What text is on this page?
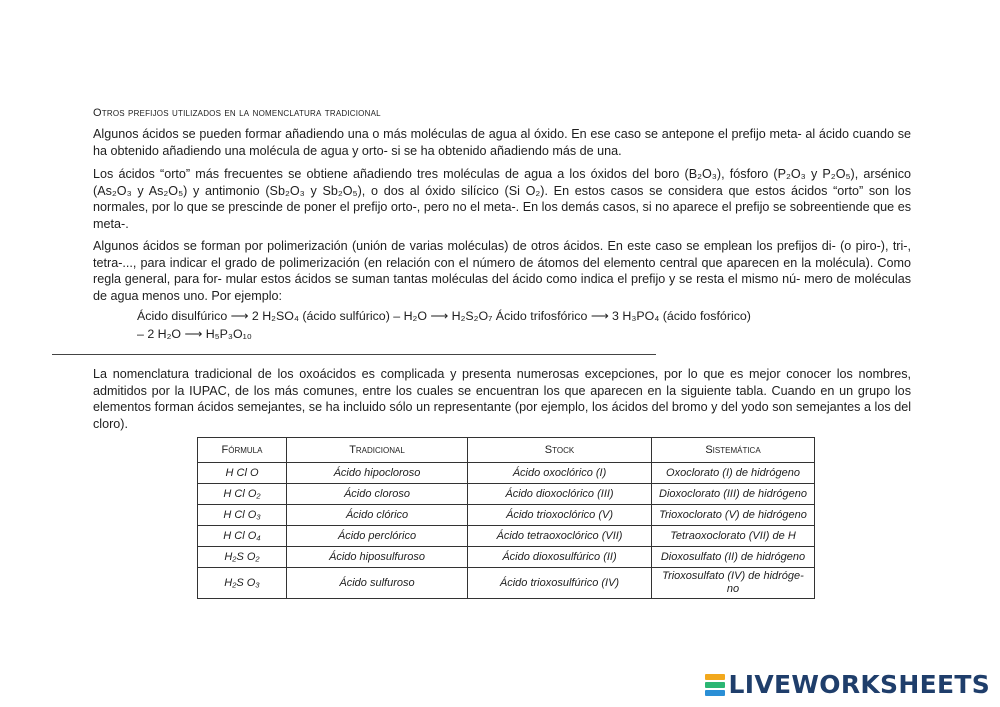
Otros prefijos utilizados en la nomenclatura tradicional

Algunos ácidos se pueden formar añadiendo una o más moléculas de agua al óxido. En ese caso se antepone el prefijo meta- al ácido cuando se ha obtenido añadiendo una molécula de agua y orto- si se ha obtenido añadiendo más de una.

Los ácidos “orto” más frecuentes se obtiene añadiendo tres moléculas de agua a los óxidos del boro (B₂O₃), fósforo (P₂O₃ y P₂O₅), arsénico (As₂O₃ y As₂O₅) y antimonio (Sb₂O₃ y Sb₂O₅), o dos al óxido silícico (Si O₂). En estos casos se considera que estos ácidos “orto” son los normales, por lo que se prescinde de poner el prefijo orto-, pero no el meta-. En los demás casos, si no aparece el prefijo se sobreentiende que es meta-.

Algunos ácidos se forman por polimerización (unión de varias moléculas) de otros ácidos. En este caso se emplean los prefijos di- (o piro-), tri-, tetra-..., para indicar el grado de polimerización (en relación con el número de átomos del elemento central que aparecen en la molécula). Como regla general, para for- mular estos ácidos se suman tantas moléculas del ácido como indica el prefijo y se resta el mismo nú- mero de moléculas de agua menos uno. Por ejemplo:

Ácido disulfúrico ⟶ 2 H₂SO₄ (ácido sulfúrico) – H₂O ⟶ H₂S₂O₇ Ácido trifosfórico ⟶ 3 H₃PO₄ (ácido fosfórico) – 2 H₂O ⟶ H₅P₃O₁₀

La nomenclatura tradicional de los oxoácidos es complicada y presenta numerosas excepciones, por lo que es mejor conocer los nombres, admitidos por la IUPAC, de los más comunes, entre los cuales se encuentran los que aparecen en la siguiente tabla. Cuando en un grupo los elementos forman ácidos semejantes, se ha incluido sólo un representante (por ejemplo, los ácidos del bromo y del yodo son semejantes a los del cloro).

Fórmula	Tradicional	Stock	Sistemática
H Cl O	Ácido hipocloroso	Ácido oxoclórico (I)	Oxoclorato (I) de hidrógeno
H Cl O₂	Ácido cloroso	Ácido dioxoclórico (III)	Dioxoclorato (III) de hidrógeno
H Cl O₃	Ácido clórico	Ácido trioxoclórico (V)	Trioxoclorato (V) de hidrógeno
H Cl O₄	Ácido perclórico	Ácido tetraoxoclórico (VII)	Tetraoxoclorato (VII) de H
H₂S O₂	Ácido hiposulfuroso	Ácido dioxosulfúrico (II)	Dioxosulfato (II) de hidrógeno
H₂S O₃	Ácido sulfuroso	Ácido trioxosulfúrico (IV)	Trioxosulfato (IV) de hidróge- no
LIVEWORKSHEETS
